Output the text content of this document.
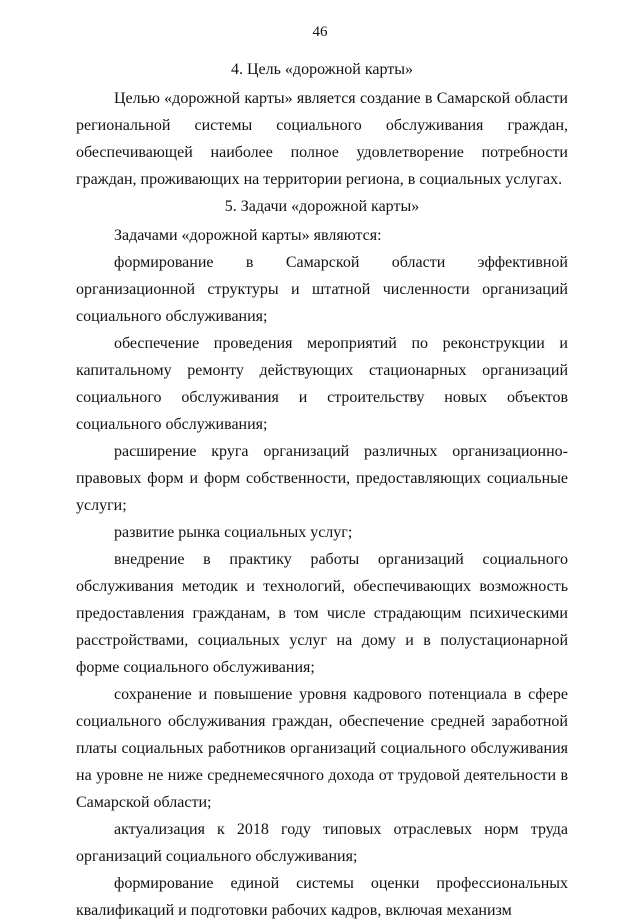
46

4. Цель «дорожной карты»

Целью «дорожной карты» является создание в Самарской области региональной системы социального обслуживания граждан, обеспечивающей наиболее полное удовлетворение потребности граждан, проживающих на территории региона, в социальных услугах.

5. Задачи «дорожной карты»

Задачами «дорожной карты» являются:

формирование в Самарской области эффективной организационной структуры и штатной численности организаций социального обслуживания;

обеспечение проведения мероприятий по реконструкции и капитальному ремонту действующих стационарных организаций социального обслуживания и строительству новых объектов социального обслуживания;

расширение круга организаций различных организационно-правовых форм и форм собственности, предоставляющих социальные услуги;

развитие рынка социальных услуг;

внедрение в практику работы организаций социального обслуживания методик и технологий, обеспечивающих возможность предоставления гражданам, в том числе страдающим психическими расстройствами, социальных услуг на дому и в полустационарной форме социального обслуживания;

сохранение и повышение уровня кадрового потенциала в сфере социального обслуживания граждан, обеспечение средней заработной платы социальных работников организаций социального обслуживания на уровне не ниже среднемесячного дохода от трудовой деятельности в Самарской области;

актуализация к 2018 году типовых отраслевых норм труда организаций социального обслуживания;

формирование единой системы оценки профессиональных квалификаций и подготовки рабочих кадров, включая механизм
